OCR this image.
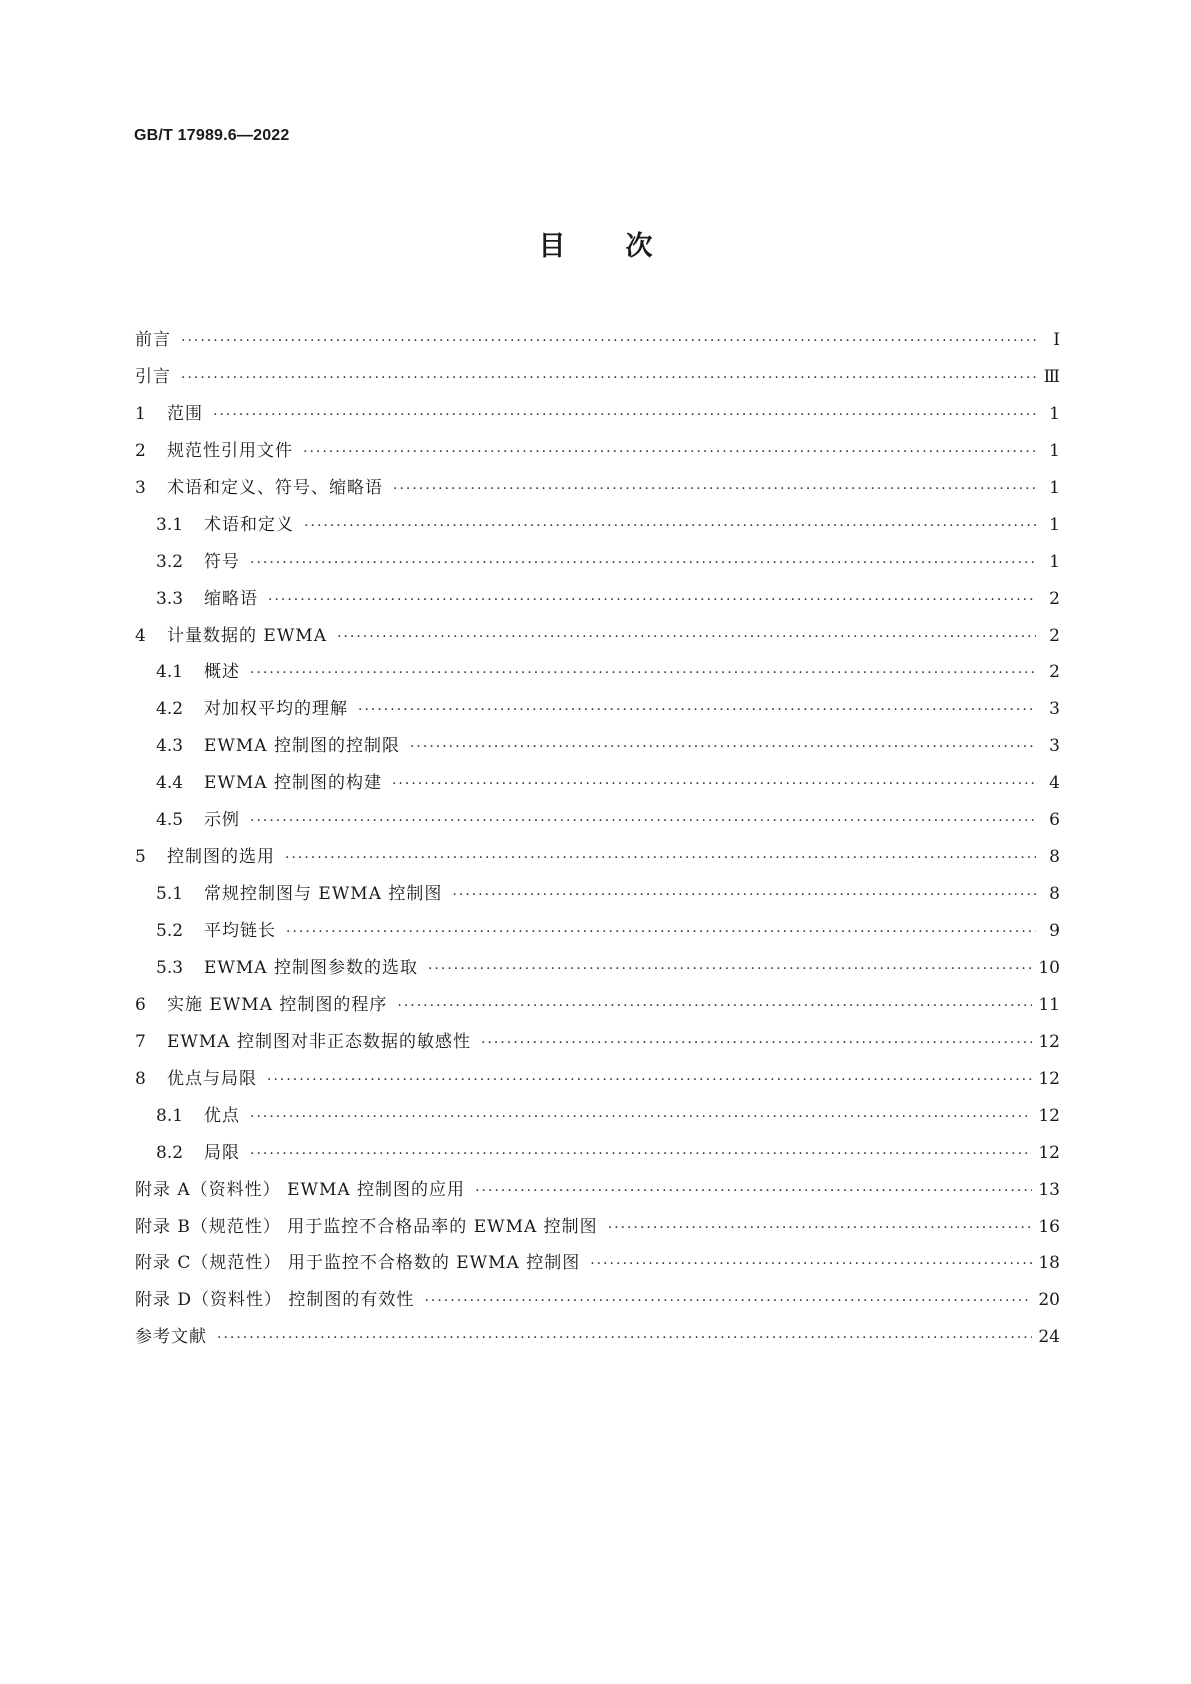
GB/T 17989.6—2022
目次
前言 ·····	Ⅰ
引言 ·····	Ⅲ
1	范围 ·····	1
2	规范性引用文件 ·····	1
3	术语和定义、符号、缩略语 ·····	1
3.1	术语和定义 ·····	1
3.2	符号 ·····	1
3.3	缩略语 ·····	2
4	计量数据的 EWMA ·····	2
4.1	概述 ·····	2
4.2	对加权平均的理解 ·····	3
4.3	EWMA 控制图的控制限 ·····	3
4.4	EWMA 控制图的构建 ·····	4
4.5	示例 ·····	6
5	控制图的选用 ·····	8
5.1	常规控制图与 EWMA 控制图 ·····	8
5.2	平均链长 ·····	9
5.3	EWMA 控制图参数的选取 ·····	10
6	实施 EWMA 控制图的程序 ·····	11
7	EWMA 控制图对非正态数据的敏感性 ·····	12
8	优点与局限 ·····	12
8.1	优点 ·····	12
8.2	局限 ·····	12
附录 A（资料性） EWMA 控制图的应用 ·····	13
附录 B（规范性） 用于监控不合格品率的 EWMA 控制图 ·····	16
附录 C（规范性） 用于监控不合格数的 EWMA 控制图 ·····	18
附录 D（资料性） 控制图的有效性 ·····	20
参考文献 ·····	24
